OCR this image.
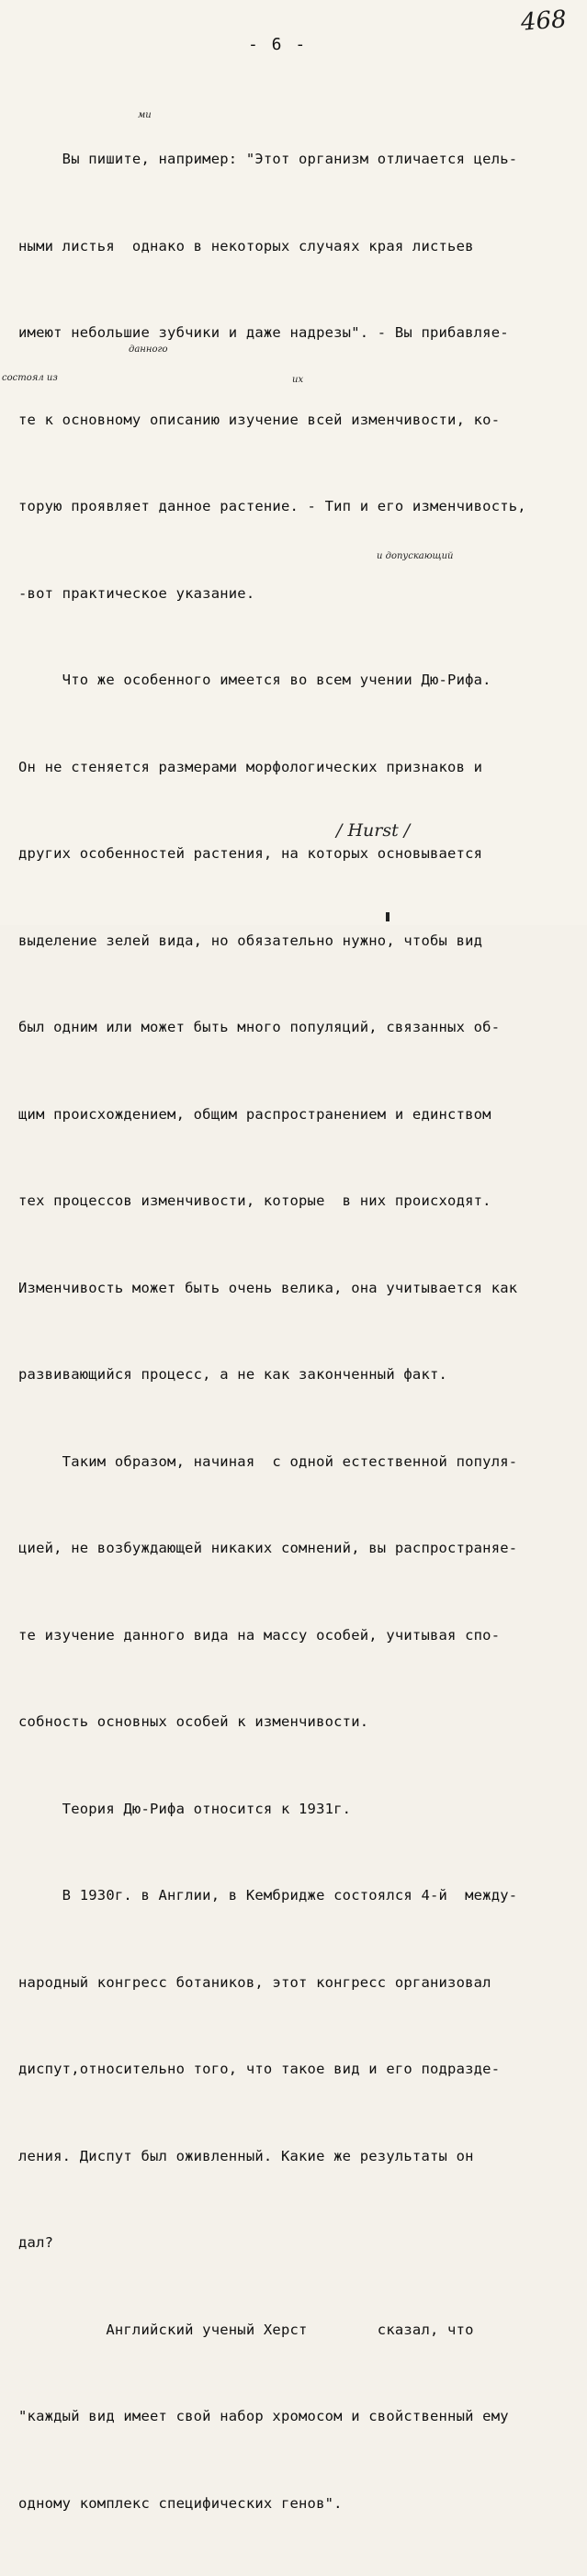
468
- 6 -

Вы пишите, например: "Этот организм отличается цель-

ными листья  однако в некоторых случаях края листьев

имеют небольшие зубчики и даже надрезы". - Вы прибавляе-

те к основному описанию изучение всей изменчивости, ко-

торую проявляет данное растение. - Тип и его изменчивость,

-вот практическое указание.

Что же особенного имеется во всем учении Дю-Рифа.

Он не стеняется размерами морфологических признаков и

других особенностей растения, на которых основывается

выделение зелей вида, но обязательно нужно, чтобы вид

был одним или может быть много популяций, связанных об-

щим происхождением, общим распространением и единством

тех процессов изменчивости, которые  в них происходят.

Изменчивость может быть очень велика, она учитывается как

развивающийся процесс, а не как законченный факт.

Таким образом, начиная  с одной естественной популя-

цией, не возбуждающей никаких сомнений, вы распространяе-

те изучение данного вида на массу особей, учитывая спо-

собность основных особей к изменчивости.

Теория Дю-Рифа относится к 1931г.

В 1930г. в Англии, в Кембридже состоялся 4-й  между-

народный конгресс ботаников, этот конгресс организовал

диспут,относительно того, что такое вид и его подразде-

ления. Диспут был оживленный. Какие же результаты он

дал?

Английский ученый Херст        сказал, что

"каждый вид имеет свой набор хромосом и свойственный ему

одному комплекс специфических генов".

ми
данного
состоял из	их
и допускающий
/ Hurst /
